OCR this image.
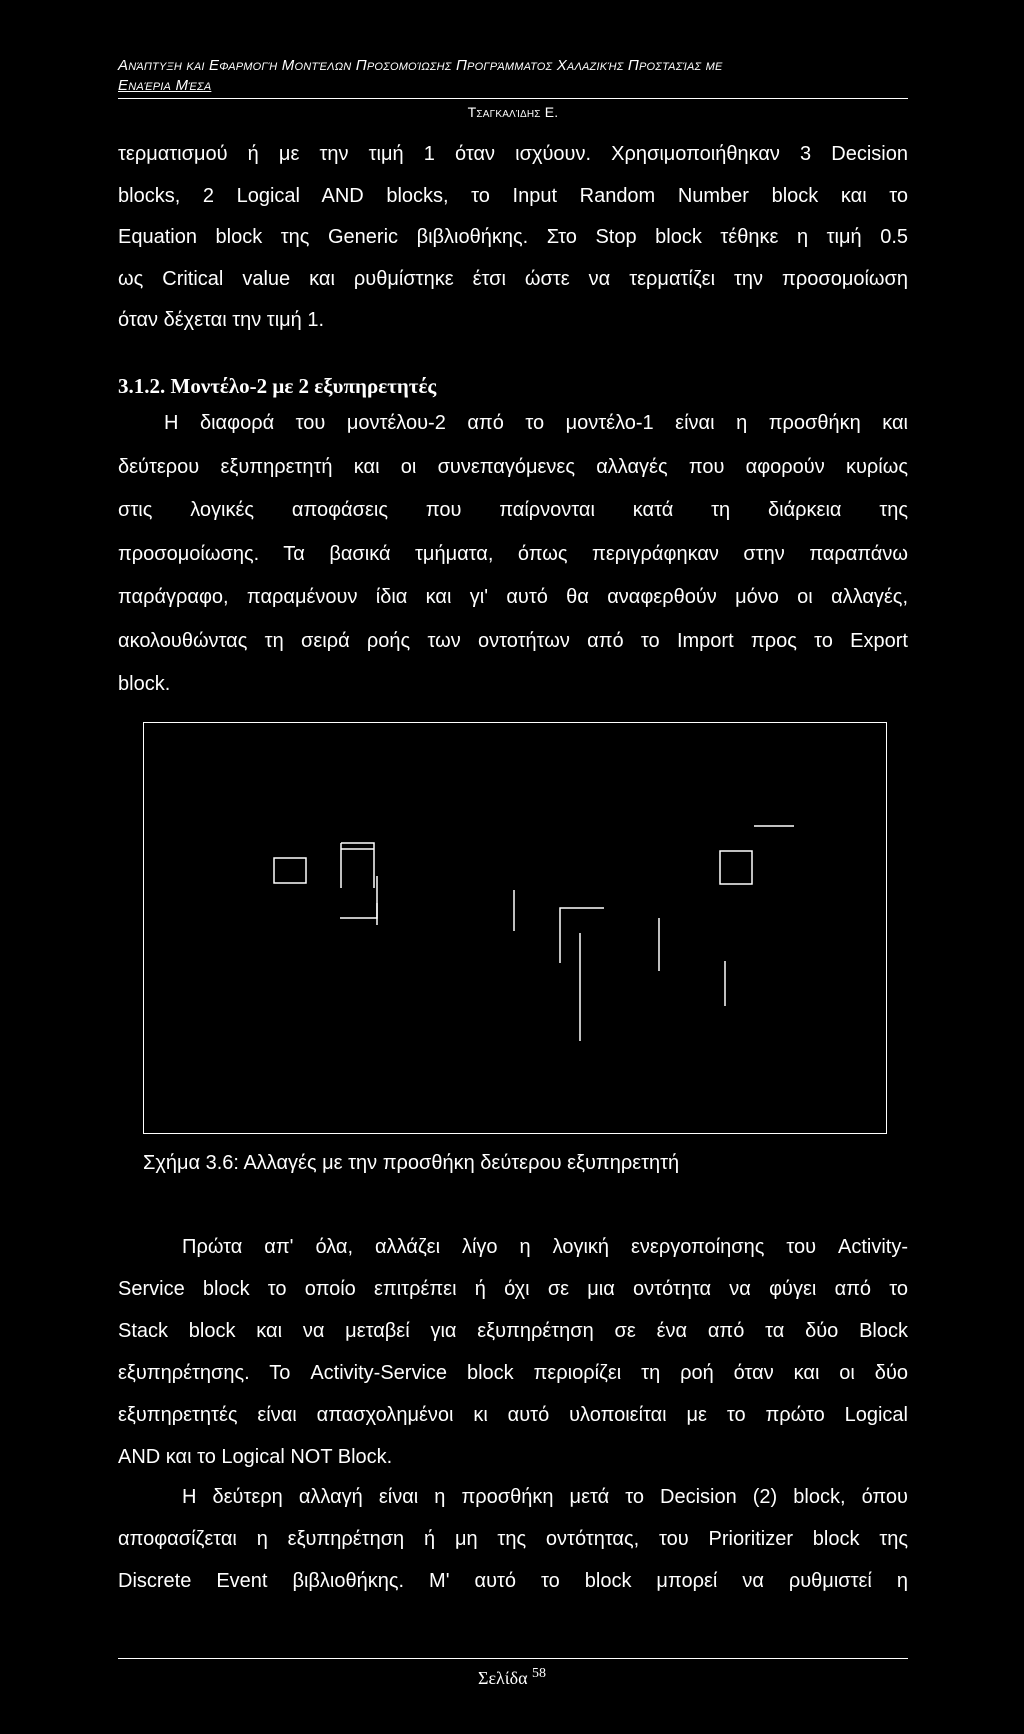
Ανάπτυξη και Εφαρμογή Μοντέλων Προσομοίωσης Προγράμματος Χαλαζικής Προστασίας με
Εναέρια Μέσα
Τσαγκαλίδης Ε.
τερματισμού ή με την τιμή 1 όταν ισχύουν. Χρησιμοποιήθηκαν 3 Decision
blocks, 2 Logical AND blocks, το Input Random Number block και το
Equation block της Generic βιβλιοθήκης. Στο Stop block τέθηκε η τιμή 0.5
ως Critical value και ρυθμίστηκε έτσι ώστε να τερματίζει την προσομοίωση
όταν δέχεται την τιμή 1.
3.1.2. Μοντέλο-2 με 2 εξυπηρετητές
Η διαφορά του μοντέλου-2 από το μοντέλο-1 είναι η προσθήκη και
δεύτερου εξυπηρετητή και οι συνεπαγόμενες αλλαγές που αφορούν κυρίως
στις λογικές αποφάσεις που παίρνονται κατά τη διάρκεια της
προσομοίωσης. Τα βασικά τμήματα, όπως περιγράφηκαν στην παραπάνω
παράγραφο, παραμένουν ίδια και γι' αυτό θα αναφερθούν μόνο οι αλλαγές,
ακολουθώντας τη σειρά ροής των οντοτήτων από το Import προς το Export
block.
Σχήμα 3.6: Αλλαγές με την προσθήκη δεύτερου εξυπηρετητή
Πρώτα απ' όλα, αλλάζει λίγο η λογική ενεργοποίησης του Activity-
Service block το οποίο επιτρέπει ή όχι σε μια οντότητα να φύγει από το
Stack block και να μεταβεί για εξυπηρέτηση σε ένα από τα δύο Block
εξυπηρέτησης. Το Activity-Service block περιορίζει τη ροή όταν και οι δύο
εξυπηρετητές είναι απασχολημένοι κι αυτό υλοποιείται με το πρώτο Logical
AND και το Logical NOT Block.
Η δεύτερη αλλαγή είναι η προσθήκη μετά το Decision (2) block, όπου
αποφασίζεται η εξυπηρέτηση ή μη της οντότητας, του Prioritizer block της
Discrete Event βιβλιοθήκης. Μ' αυτό το block μπορεί να ρυθμιστεί η
Σελίδα $^{58}$
